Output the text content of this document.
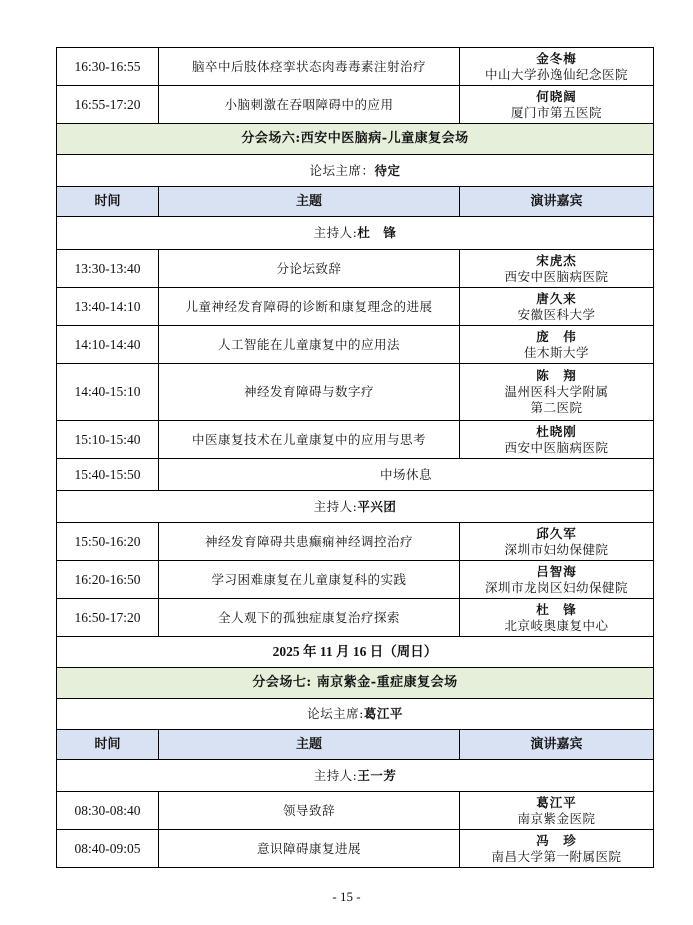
16:30-16:55	脑卒中后肢体痉挛状态肉毒毒素注射治疗	金冬梅
中山大学孙逸仙纪念医院

16:55-17:20	小脑刺激在吞咽障碍中的应用	何晓阔
厦门市第五医院

分会场六:西安中医脑病-儿童康复会场		
论坛主席：待定		
时间	主题	演讲嘉宾
主持人:杜　锋		
13:30-13:40	分论坛致辞	宋虎杰
西安中医脑病医院

13:40-14:10	儿童神经发育障碍的诊断和康复理念的进展	唐久来
安徽医科大学

14:10-14:40	人工智能在儿童康复中的应用法	庞　伟
佳木斯大学

14:40-15:10	神经发育障碍与数字疗	陈　翔
温州医科大学附属
第二医院

15:10-15:40	中医康复技术在儿童康复中的应用与思考	杜晓刚
西安中医脑病医院

15:40-15:50	中场休息	
主持人:平兴团		
15:50-16:20	神经发育障碍共患癫痫神经调控治疗	邱久军
深圳市妇幼保健院

16:20-16:50	学习困难康复在儿童康复科的实践	吕智海
深圳市龙岗区妇幼保健院

16:50-17:20	全人观下的孤独症康复治疗探索	杜　锋
北京岐奥康复中心

2025 年 11 月 16 日（周日）		
分会场七: 南京紫金-重症康复会场		
论坛主席:葛江平		
时间	主题	演讲嘉宾
主持人:王一芳		
08:30-08:40	领导致辞	葛江平
南京紫金医院

08:40-09:05	意识障碍康复进展	冯　珍
南昌大学第一附属医院
- 15 -
